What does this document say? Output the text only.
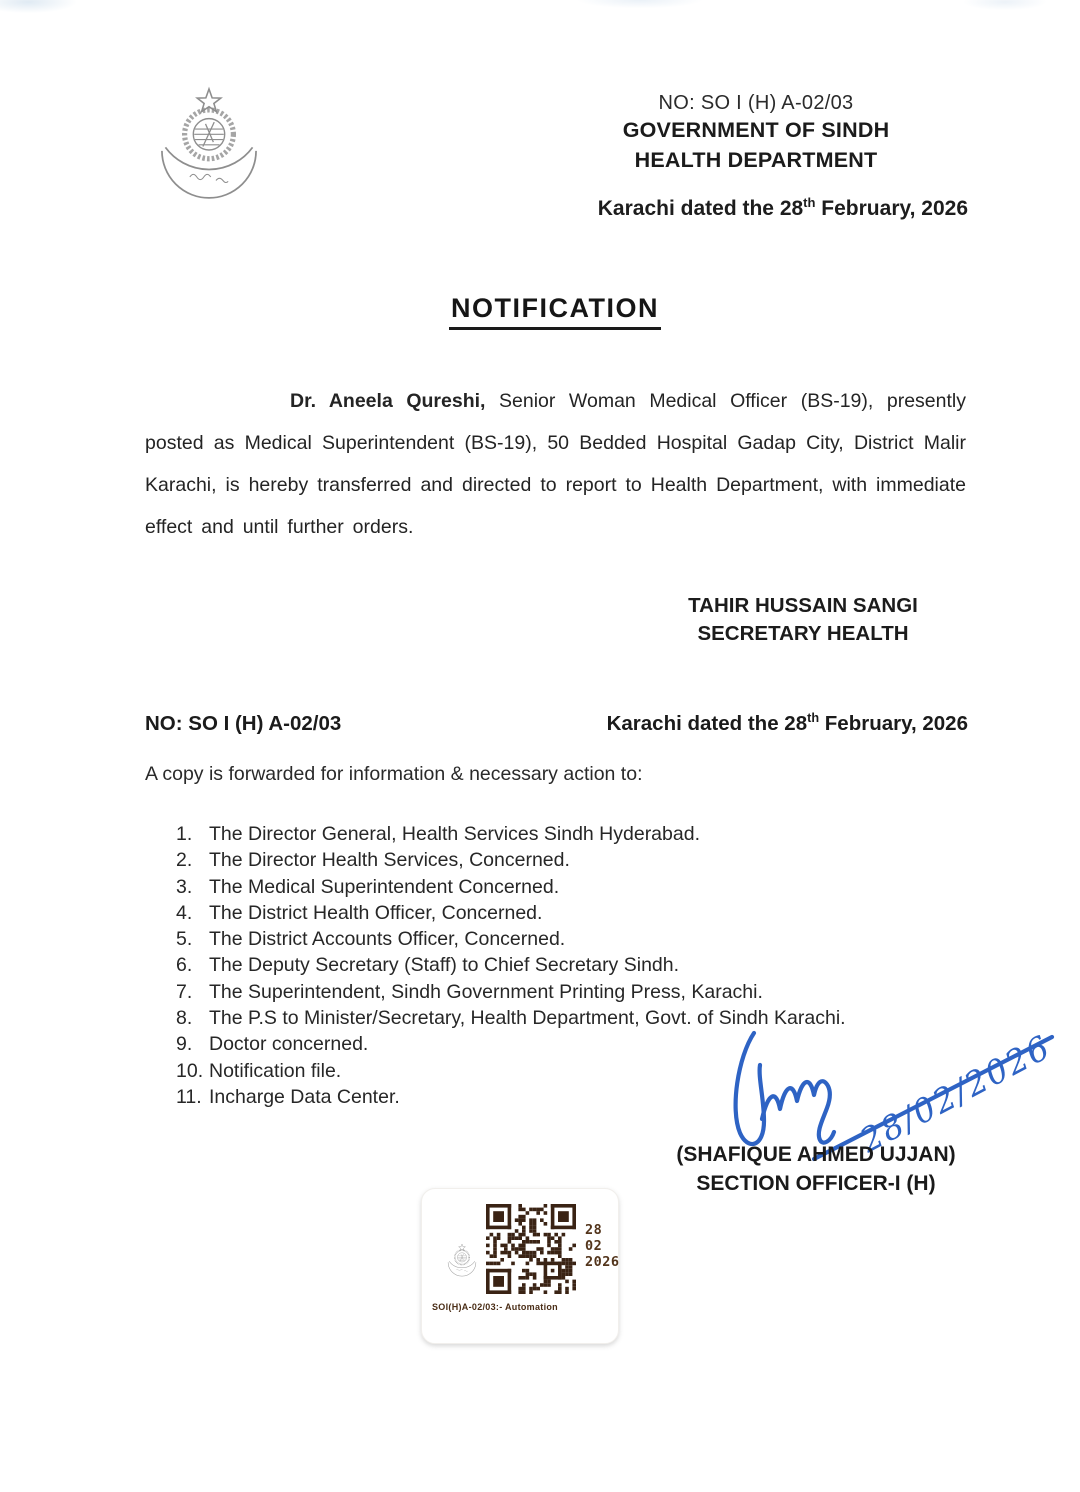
NO: SO I (H) A-02/03
GOVERNMENT OF SINDH
HEALTH DEPARTMENT
Karachi dated the 28th February, 2026
NOTIFICATION

Dr. Aneela Qureshi, Senior Woman Medical Officer (BS-19), presently posted as Medical Superintendent (BS-19), 50 Bedded Hospital Gadap City, District Malir Karachi, is hereby transferred and directed to report to Health Department, with immediate effect and until further orders.

TAHIR HUSSAIN SANGI
SECRETARY HEALTH
NO: SO I (H) A-02/03	Karachi dated the 28th February, 2026
A copy is forwarded for information & necessary action to:
The Director General, Health Services Sindh Hyderabad.
The Director Health Services, Concerned.
The Medical Superintendent Concerned.
The District Health Officer, Concerned.
The District Accounts Officer, Concerned.
The Deputy Secretary (Staff) to Chief Secretary Sindh.
The Superintendent, Sindh Government Printing Press, Karachi.
The P.S to Minister/Secretary, Health Department, Govt. of Sindh Karachi.
Doctor concerned.
Notification file.
Incharge Data Center.	28/02/2026
(SHAFIQUE AHMED UJJAN)
SECTION OFFICER-I (H)
28
02
2026
SOI(H)A-02/03:- Automation
